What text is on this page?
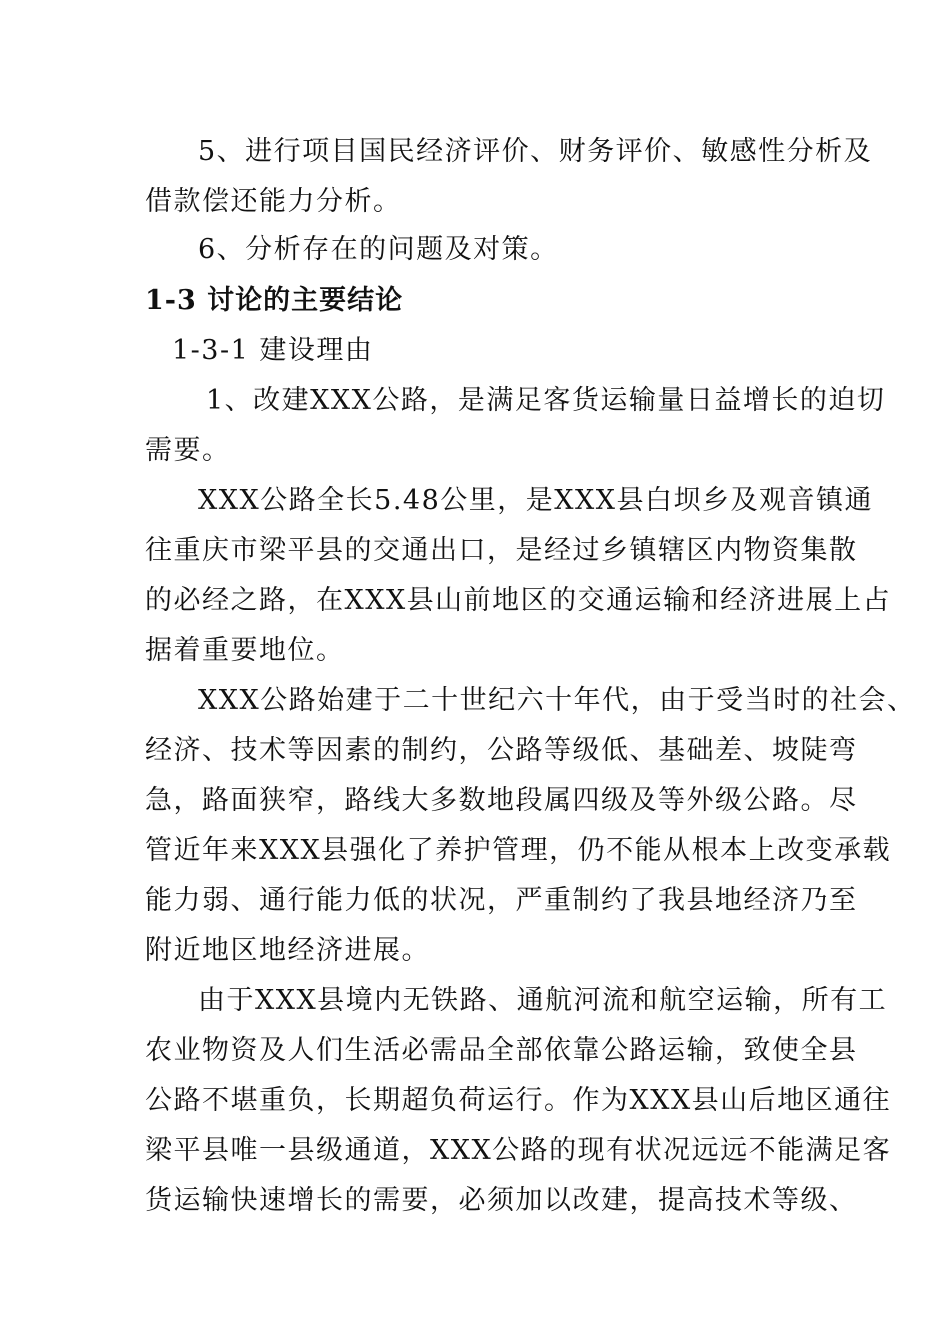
5、进行项目国民经济评价、财务评价、敏感性分析及
借款偿还能力分析。
6、分析存在的问题及对策。
1-3 讨论的主要结论
1-3-1 建设理由
1、改建XXX公路，是满足客货运输量日益增长的迫切
需要。
XXX公路全长5.48公里，是XXX县白坝乡及观音镇通
往重庆市梁平县的交通出口，是经过乡镇辖区内物资集散
的必经之路，在XXX县山前地区的交通运输和经济进展上占
据着重要地位。
XXX公路始建于二十世纪六十年代，由于受当时的社会、
经济、技术等因素的制约，公路等级低、基础差、坡陡弯
急，路面狭窄，路线大多数地段属四级及等外级公路。尽
管近年来XXX县强化了养护管理，仍不能从根本上改变承载
能力弱、通行能力低的状况，严重制约了我县地经济乃至
附近地区地经济进展。
由于XXX县境内无铁路、通航河流和航空运输，所有工
农业物资及人们生活必需品全部依靠公路运输，致使全县
公路不堪重负，长期超负荷运行。作为XXX县山后地区通往
梁平县唯一县级通道，XXX公路的现有状况远远不能满足客
货运输快速增长的需要，必须加以改建，提高技术等级、
